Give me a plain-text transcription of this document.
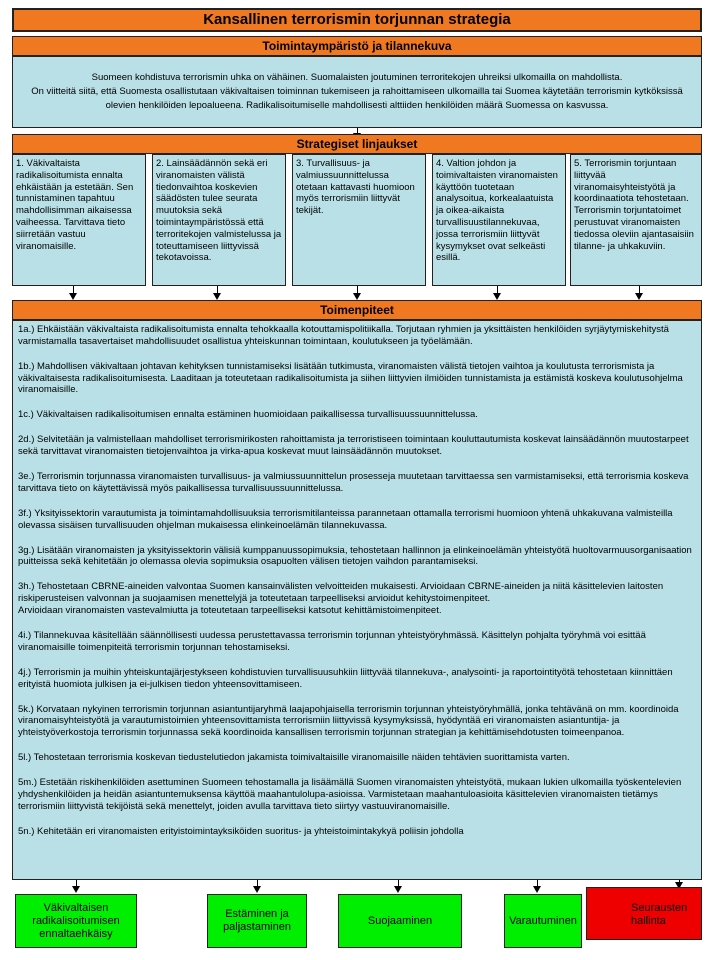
Kansallinen terrorismin torjunnan strategia
Toimintaympäristö ja tilannekuva
Suomeen kohdistuva terrorismin uhka on vähäinen. Suomalaisten joutuminen terroritekojen uhreiksi ulkomailla on mahdollista.
On viitteitä siitä, että Suomesta osallistutaan väkivaltaisen toiminnan tukemiseen ja rahoittamiseen ulkomailla tai Suomea käytetään terrorismin kytköksissä olevien henkilöiden lepoalueena. Radikalisoitumiselle mahdollisesti alttiiden henkilöiden määrä Suomessa on kasvussa.
Strategiset linjaukset
1. Väkivaltaista radikalisoitumista ennalta ehkäistään ja estetään. Sen tunnistaminen tapahtuu mahdollisimman aikaisessa vaiheessa. Tarvittava tieto siirretään vastuu viranomaisille.
2. Lainsäädännön sekä eri viranomaisten välistä tiedonvaihtoa koskevien säädösten tulee seurata muutoksia sekä toimintaympäristössä että terroritekojen valmistelussa ja toteuttamiseen liittyvissä tekotavoissa.
3. Turvallisuus- ja valmiussuunnittelussa otetaan kattavasti huomioon myös terrorismiin liittyvät tekijät.
4. Valtion johdon ja toimivaltaisten viranomaisten käyttöön tuotetaan analysoitua, korkealaatuista ja oikea-aikaista turvallisuustilannekuvaa, jossa terrorismiin liittyvät kysymykset ovat selkeästi esillä.
5. Terrorismin torjuntaan liittyvää viranomaisyhteistyötä ja koordinaatiota tehostetaan. Terrorismin torjuntatoimet perustuvat viranomaisten tiedossa oleviin ajantasaisiin tilanne- ja uhkakuviin.
Toimenpiteet
1a.) Ehkäistään väkivaltaista radikalisoitumista ennalta tehokkaalla kotouttamispolitiikalla. Torjutaan ryhmien ja yksittäisten henkilöiden syrjäytymiskehitystä varmistamalla tasavertaiset mahdollisuudet osallistua yhteiskunnan toimintaan, koulutukseen ja työelämään.
1b.) Mahdollisen väkivaltaan johtavan kehityksen tunnistamiseksi lisätään tutkimusta, viranomaisten välistä tietojen vaihtoa ja koulutusta terrorismista ja väkivaltaisesta radikalisoitumisesta. Laaditaan ja toteutetaan radikalisoitumista ja siihen liittyvien ilmiöiden tunnistamista ja estämistä koskeva koulutusohjelma viranomaisille.
1c.) Väkivaltaisen radikalisoitumisen ennalta estäminen huomioidaan paikallisessa turvallisuussuunnittelussa.
2d.) Selvitetään ja valmistellaan mahdolliset terrorismirikosten rahoittamista ja terroristiseen toimintaan kouluttautumista koskevat lainsäädännön muutostarpeet sekä tarvittavat viranomaisten tietojenvaihtoa ja virka-apua koskevat muut lainsäädännön muutokset.
3e.) Terrorismin torjunnassa viranomaisten turvallisuus- ja valmiussuunnittelun prosesseja muutetaan tarvittaessa sen varmistamiseksi, että terrorismia koskeva tarvittava tieto on käytettävissä myös paikallisessa turvallisuussuunnittelussa.
3f.) Yksityissektorin varautumista ja toimintamahdollisuuksia terrorismitilanteissa parannetaan ottamalla terrorismi huomioon yhtenä uhkakuvana valmisteilla olevassa sisäisen turvallisuuden ohjelman mukaisessa elinkeinoelämän tilannekuvassa.
3g.) Lisätään viranomaisten ja yksityissektorin välisiä kumppanuussopimuksia, tehostetaan hallinnon ja elinkeinoelämän yhteistyötä huoltovarmuusorganisaation puitteissa sekä kehitetään jo olemassa olevia sopimuksia osapuolten välisen tietojen vaihdon parantamiseksi.
3h.) Tehostetaan CBRNE-aineiden valvontaa Suomen kansainvälisten velvoitteiden mukaisesti. Arvioidaan CBRNE-aineiden ja niitä käsittelevien laitosten riskiperusteisen valvonnan ja suojaamisen menettelyjä ja toteutetaan tarpeelliseksi arvioidut kehitystoimenpiteet.
Arvioidaan viranomaisten vastevalmiutta ja toteutetaan tarpeelliseksi katsotut kehittämistoimenpiteet.
4i.) Tilannekuvaa käsitellään säännöllisesti uudessa perustettavassa terrorismin torjunnan yhteistyöryhmässä. Käsittelyn pohjalta työryhmä voi esittää viranomaisille toimenpiteitä terrorismin torjunnan tehostamiseksi.
4j.) Terrorismin ja muihin yhteiskuntajärjestykseen kohdistuvien turvallisuusuhkiin liittyvää tilannekuva-, analysointi- ja raportointityötä tehostetaan kiinnittäen erityistä huomiota julkisen ja ei-julkisen tiedon yhteensovittamiseen.
5k.) Korvataan nykyinen terrorismin torjunnan asiantuntijaryhmä laajapohjaisella terrorismin torjunnan yhteistyöryhmällä, jonka tehtävänä on mm. koordinoida viranomaisyhteistyötä ja varautumistoimien yhteensovittamista terrorismiin liittyvissä kysymyksissä, hyödyntää eri viranomaisten asiantuntija- ja yhteistyöverkostoja terrorismin torjunnassa sekä koordinoida kansallisen terrorismin torjunnan strategian ja kehittämisehdotusten toimeenpanoa.
5l.) Tehostetaan terrorismia koskevan tiedustelutiedon jakamista toimivaltaisille viranomaisille näiden tehtävien suorittamista varten.
5m.) Estetään riskihenkilöiden asettuminen Suomeen tehostamalla ja lisäämällä Suomen viranomaisten yhteistyötä, mukaan lukien ulkomailla työskentelevien yhdyshenkilöiden ja heidän asiantuntemuksensa käyttöä maahantulolupa-asioissa. Varmistetaan maahantuloasioita käsittelevien viranomaisten tietämys terrorismiin liittyvistä tekijöistä sekä menettelyt, joiden avulla tarvittava tieto siirtyy vastuuviranomaisille.
5n.) Kehitetään eri viranomaisten erityistoimintayksiköiden suoritus- ja yhteistoimintakykyä poliisin johdolla
Väkivaltaisen radikalisoitumisen ennaltaehkäisy
Estäminen ja paljastaminen
Suojaaminen	Varautuminen
Seurausten hallinta
